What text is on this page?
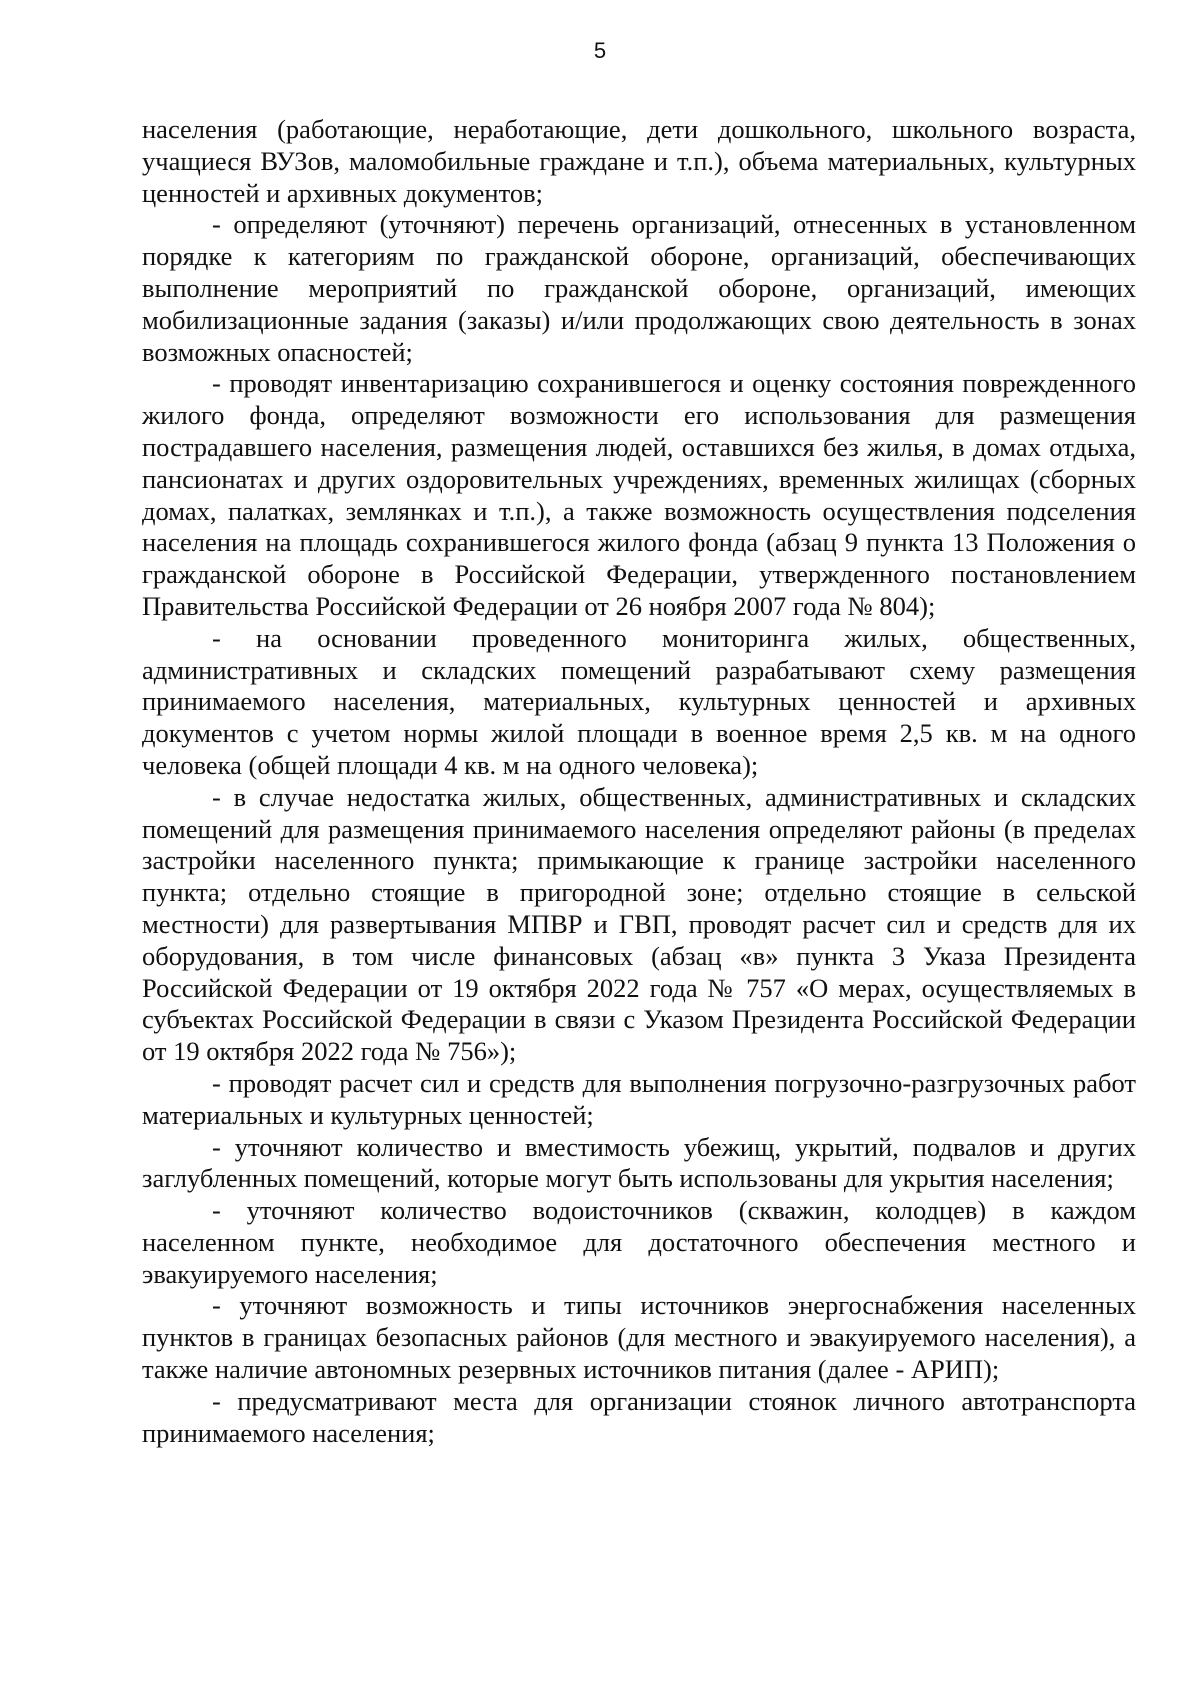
5

населения (работающие, неработающие, дети дошкольного, школьного возраста, учащиеся ВУЗов, маломобильные граждане и т.п.), объема материальных, культурных ценностей и архивных документов;

- определяют (уточняют) перечень организаций, отнесенных в установленном порядке к категориям по гражданской обороне, организаций, обеспечивающих выполнение мероприятий по гражданской обороне, организаций, имеющих мобилизационные задания (заказы) и/или продолжающих свою деятельность в зонах возможных опасностей;

- проводят инвентаризацию сохранившегося и оценку состояния поврежденного жилого фонда, определяют возможности его использования для размещения пострадавшего населения, размещения людей, оставшихся без жилья, в домах отдыха, пансионатах и других оздоровительных учреждениях, временных жилищах (сборных домах, палатках, землянках и т.п.), а также возможность осуществления подселения населения на площадь сохранившегося жилого фонда (абзац 9 пункта 13 Положения о гражданской обороне в Российской Федерации, утвержденного постановлением Правительства Российской Федерации от 26 ноября 2007 года № 804);

- на основании проведенного мониторинга жилых, общественных, административных и складских помещений разрабатывают схему размещения принимаемого населения, материальных, культурных ценностей и архивных документов с учетом нормы жилой площади в военное время 2,5 кв. м на одного человека (общей площади 4 кв. м на одного человека);

- в случае недостатка жилых, общественных, административных и складских помещений для размещения принимаемого населения определяют районы (в пределах застройки населенного пункта; примыкающие к границе застройки населенного пункта; отдельно стоящие в пригородной зоне; отдельно стоящие в сельской местности) для развертывания МПВР и ГВП, проводят расчет сил и средств для их оборудования, в том числе финансовых (абзац «в» пункта 3 Указа Президента Российской Федерации от 19 октября 2022 года № 757 «О мерах, осуществляемых в субъектах Российской Федерации в связи с Указом Президента Российской Федерации от 19 октября 2022 года № 756»);

- проводят расчет сил и средств для выполнения погрузочно-разгрузочных работ материальных и культурных ценностей;

- уточняют количество и вместимость убежищ, укрытий, подвалов и других заглубленных помещений, которые могут быть использованы для укрытия населения;

- уточняют количество водоисточников (скважин, колодцев) в каждом населенном пункте, необходимое для достаточного обеспечения местного и эвакуируемого населения;

- уточняют возможность и типы источников энергоснабжения населенных пунктов в границах безопасных районов (для местного и эвакуируемого населения), а также наличие автономных резервных источников питания (далее - АРИП);

- предусматривают места для организации стоянок личного автотранспорта принимаемого населения;
